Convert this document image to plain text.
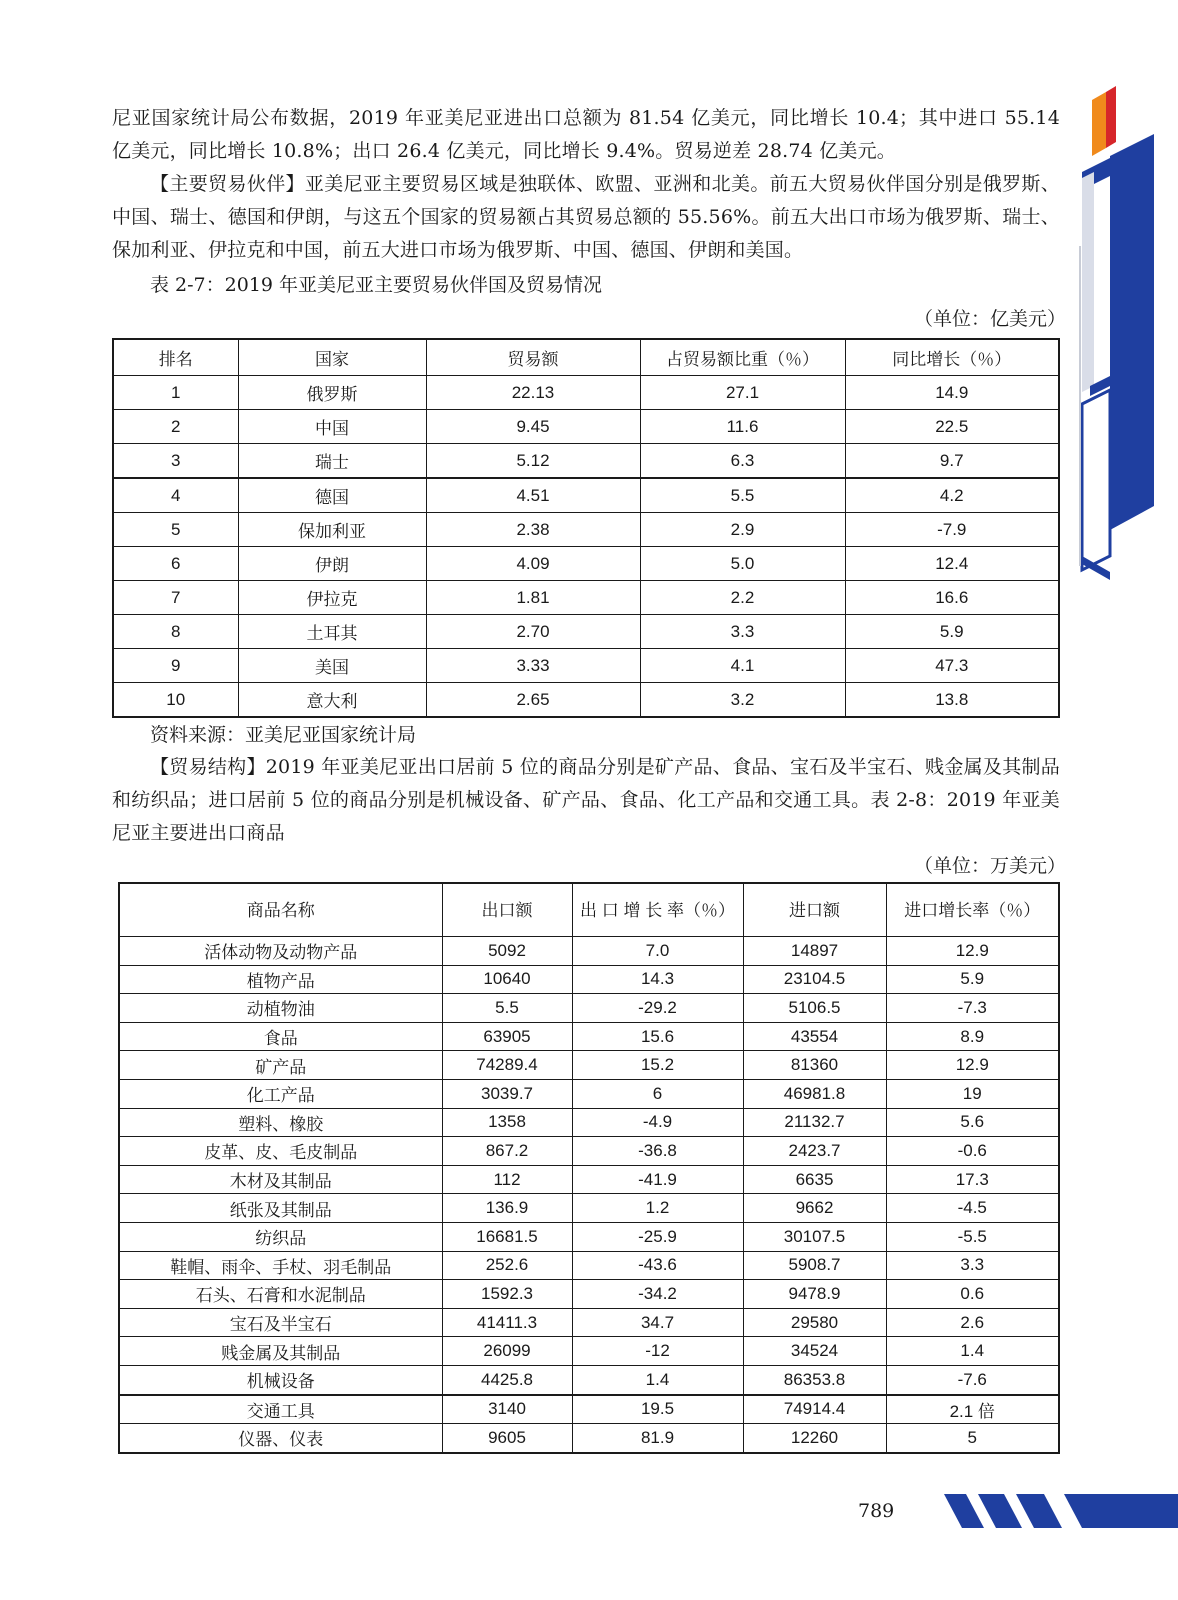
尼亚国家统计局公布数据，2019 年亚美尼亚进出口总额为 81.54 亿美元，同比增长 10.4；其中进口 55.14 亿美元，同比增长 10.8%；出口 26.4 亿美元，同比增长 9.4%。贸易逆差 28.74 亿美元。

【主要贸易伙伴】亚美尼亚主要贸易区域是独联体、欧盟、亚洲和北美。前五大贸易伙伴国分别是俄罗斯、中国、瑞士、德国和伊朗，与这五个国家的贸易额占其贸易总额的 55.56%。前五大出口市场为俄罗斯、瑞士、保加利亚、伊拉克和中国，前五大进口市场为俄罗斯、中国、德国、伊朗和美国。

表 2-7：2019 年亚美尼亚主要贸易伙伴国及贸易情况
（单位：亿美元）
排名	国家	贸易额	占贸易额比重（％）	同比增长（％）
1	俄罗斯	22.13	27.1	14.9
2	中国	9.45	11.6	22.5
3	瑞士	5.12	6.3	9.7
4	德国	4.51	5.5	4.2
5	保加利亚	2.38	2.9	-7.9
6	伊朗	4.09	5.0	12.4
7	伊拉克	1.81	2.2	16.6
8	土耳其	2.70	3.3	5.9
9	美国	3.33	4.1	47.3
10	意大利	2.65	3.2	13.8
资料来源：亚美尼亚国家统计局

【贸易结构】2019 年亚美尼亚出口居前 5 位的商品分别是矿产品、食品、宝石及半宝石、贱金属及其制品和纺织品；进口居前 5 位的商品分别是机械设备、矿产品、食品、化工产品和交通工具。表 2-8：2019 年亚美尼亚主要进出口商品

（单位：万美元）
商品名称	出口额	出 口 增 长 率（％）	进口额	进口增长率（％）
活体动物及动物产品	5092	7.0	14897	12.9
植物产品	10640	14.3	23104.5	5.9
动植物油	5.5	-29.2	5106.5	-7.3
食品	63905	15.6	43554	8.9
矿产品	74289.4	15.2	81360	12.9
化工产品	3039.7	6	46981.8	19
塑料、橡胶	1358	-4.9	21132.7	5.6
皮革、皮、毛皮制品	867.2	-36.8	2423.7	-0.6
木材及其制品	112	-41.9	6635	17.3
纸张及其制品	136.9	1.2	9662	-4.5
纺织品	16681.5	-25.9	30107.5	-5.5
鞋帽、雨伞、手杖、羽毛制品	252.6	-43.6	5908.7	3.3
石头、石膏和水泥制品	1592.3	-34.2	9478.9	0.6
宝石及半宝石	41411.3	34.7	29580	2.6
贱金属及其制品	26099	-12	34524	1.4
机械设备	4425.8	1.4	86353.8	-7.6
交通工具	3140	19.5	74914.4	2.1 倍
仪器、仪表	9605	81.9	12260	5
789
